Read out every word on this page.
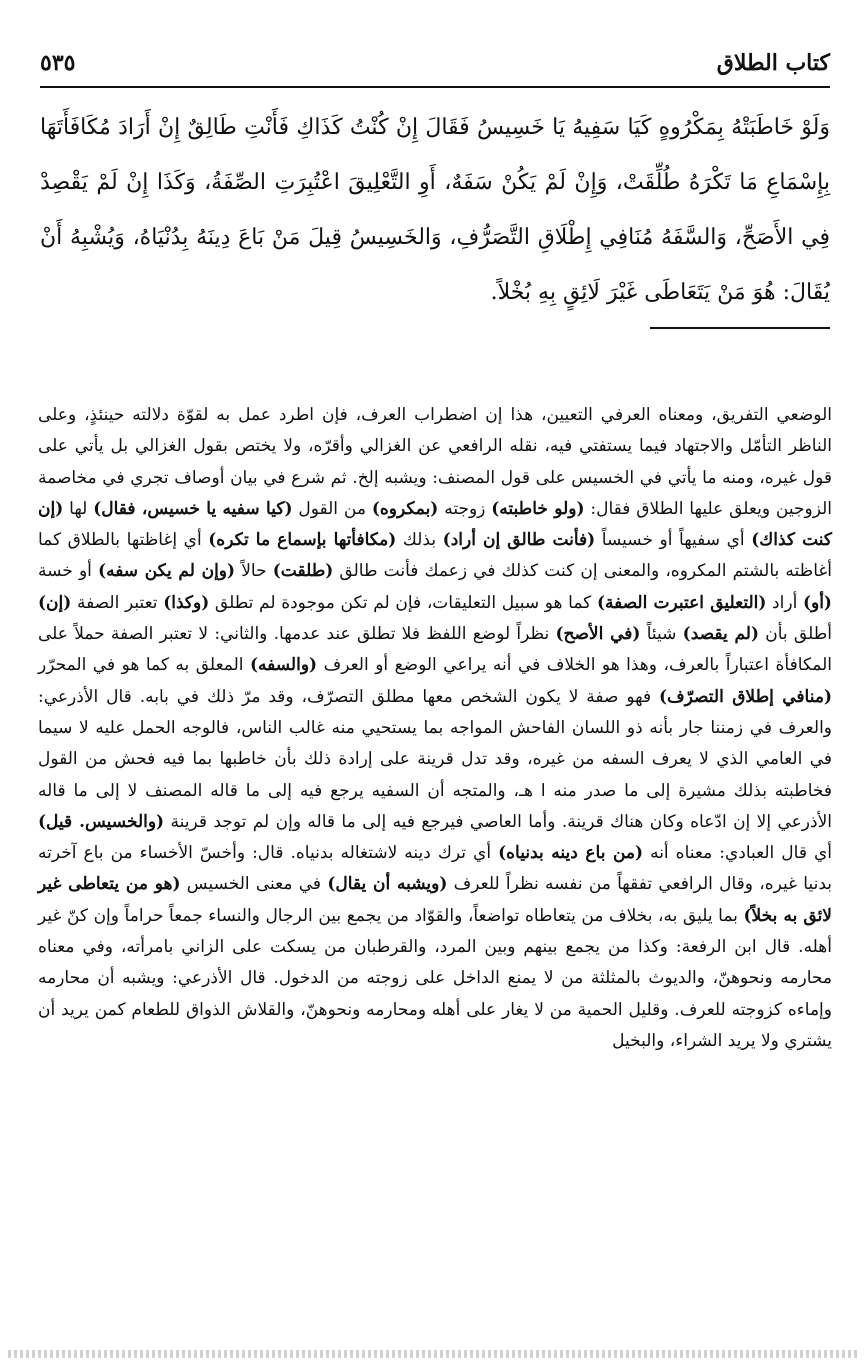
كتاب الطلاق
٥٣٥

وَلَوْ خَاطَبَتْهُ بِمَكْرُوهٍ كَيَا سَفِيهُ يَا خَسِيسُ فَقَالَ إِنْ كُنْتُ كَذَاكِ فَأَنْتِ طَالِقٌ إِنْ أَرَادَ مُكَافَأَتَهَا بِإِسْمَاعِ مَا تَكْرَهُ طُلِّقَتْ، وَإِنْ لَمْ يَكُنْ سَفَهٌ، أَوِ التَّعْلِيقَ اعْتُبِرَتِ الصِّفَةُ، وَكَذَا إِنْ لَمْ يَقْصِدْ فِي الأَصَحِّ، وَالسَّفَهُ مُنَافِي إِطْلَاقِ التَّصَرُّفِ، وَالخَسِيسُ قِيلَ مَنْ بَاعَ دِينَهُ بِدُنْيَاهُ، وَيُشْبِهُ أَنْ يُقَالَ: هُوَ مَنْ يَتَعَاطَى غَيْرَ لَائِقٍ بِهِ بُخْلاً.

الوضعي التفريق، ومعناه العرفي التعيين، هذا إن اضطراب العرف، فإن اطرد عمل به لقوّة دلالته حينئذٍ، وعلى الناظر التأمّل والاجتهاد فيما يستفتي فيه، نقله الرافعي عن الغزالي وأقرّه، ولا يختص بقول الغزالي بل يأتي على قول غيره، ومنه ما يأتي في الخسيس على قول المصنف: ويشبه إلخ. ثم شرع في بيان أوصاف تجري في مخاصمة الزوجين ويعلق عليها الطلاق فقال: (ولو خاطبته) زوجته (بمكروه) من القول (كيا سفيه يا خسيس، فقال) لها (إن كنت كذاك) أي سفيهاً أو خسيساً (فأنت طالق إن أراد) بذلك (مكافأتها بإسماع ما تكره) أي إغاظتها بالطلاق كما أغاظته بالشتم المكروه، والمعنى إن كنت كذلك في زعمك فأنت طالق (طلقت) حالاً (وإن لم يكن سفه) أو خسة (أو) أراد (التعليق اعتبرت الصفة) كما هو سبيل التعليقات، فإن لم تكن موجودة لم تطلق (وكذا) تعتبر الصفة (إن) أطلق بأن (لم يقصد) شيئاً (في الأصح) نظراً لوضع اللفظ فلا تطلق عند عدمها. والثاني: لا تعتبر الصفة حملاً على المكافأة اعتباراً بالعرف، وهذا هو الخلاف في أنه يراعي الوضع أو العرف (والسفه) المعلق به كما هو في المحرّر (منافي إطلاق التصرّف) فهو صفة لا يكون الشخص معها مطلق التصرّف، وقد مرّ ذلك في بابه. قال الأذرعي: والعرف في زمننا جار بأنه ذو اللسان الفاحش المواجه بما يستحيي منه غالب الناس، فالوجه الحمل عليه لا سيما في العامي الذي لا يعرف السفه من غيره، وقد تدل قرينة على إرادة ذلك بأن خاطبها بما فيه فحش من القول فخاطبته بذلك مشيرة إلى ما صدر منه ا هـ، والمتجه أن السفيه يرجع فيه إلى ما قاله المصنف لا إلى ما قاله الأذرعي إلا إن ادّعاه وكان هناك قرينة. وأما العاصي فيرجع فيه إلى ما قاله وإن لم توجد قرينة (والخسيس. قيل) أي قال العبادي: معناه أنه (من باع دينه بدنياه) أي ترك دينه لاشتغاله بدنياه. قال: وأخسّ الأخساء من باع آخرته بدنيا غيره، وقال الرافعي تفقهاً من نفسه نظراً للعرف (ويشبه أن يقال) في معنى الخسيس (هو من يتعاطى غير لائق به بخلاً) بما يليق به، بخلاف من يتعاطاه تواضعاً، والقوّاد من يجمع بين الرجال والنساء جمعاً حراماً وإن كنّ غير أهله. قال ابن الرفعة: وكذا من يجمع بينهم وبين المرد، والقرطبان من يسكت على الزاني بامرأته، وفي معناه محارمه ونحوهنّ، والديوث بالمثلثة من لا يمنع الداخل على زوجته من الدخول. قال الأذرعي: ويشبه أن محارمه وإماءه كزوجته للعرف. وقليل الحمية من لا يغار على أهله ومحارمه ونحوهنّ، والقلاش الذواق للطعام كمن يريد أن يشتري ولا يريد الشراء، والبخيل
